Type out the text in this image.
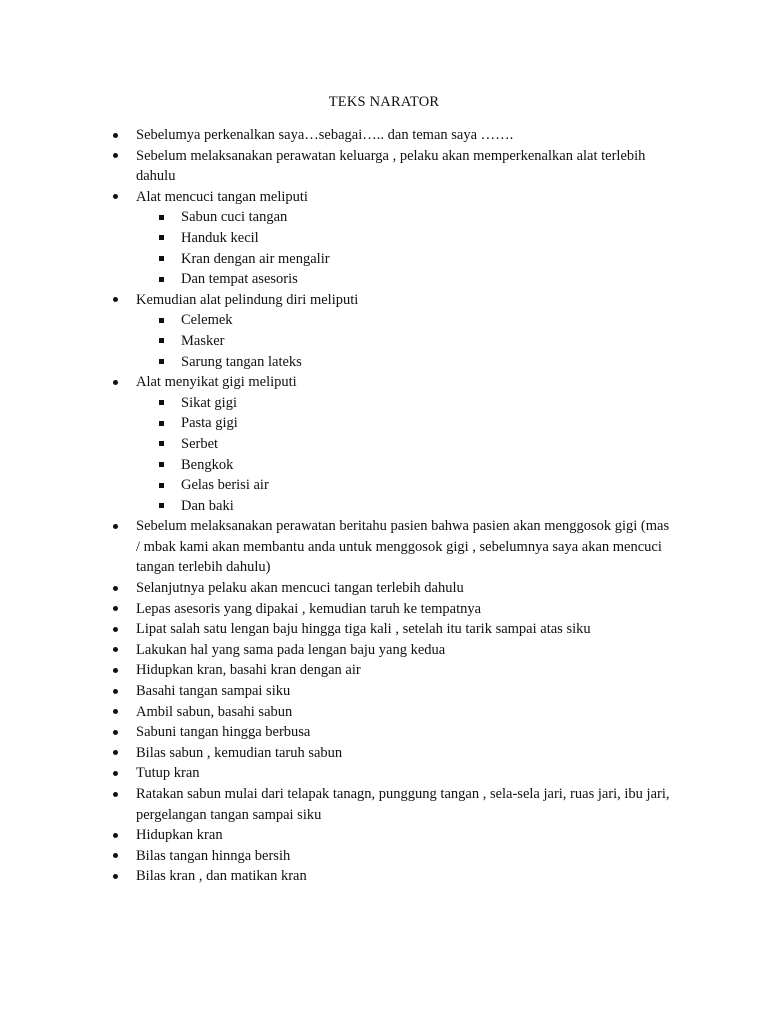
TEKS NARATOR
Sebelumya perkenalkan saya…sebagai….. dan teman saya …….
Sebelum melaksanakan perawatan keluarga , pelaku akan memperkenalkan alat terlebih dahulu
Alat mencuci tangan meliputi
Sabun cuci tangan
Handuk kecil
Kran dengan air mengalir
Dan tempat asesoris
Kemudian alat pelindung diri meliputi
Celemek
Masker
Sarung tangan lateks
Alat menyikat gigi meliputi
Sikat gigi
Pasta gigi
Serbet
Bengkok
Gelas berisi air
Dan baki
Sebelum melaksanakan perawatan beritahu pasien bahwa pasien akan menggosok gigi (mas / mbak kami akan membantu anda untuk menggosok gigi , sebelumnya saya akan mencuci tangan terlebih dahulu)
Selanjutnya pelaku akan mencuci tangan terlebih dahulu
Lepas asesoris yang dipakai , kemudian taruh ke tempatnya
Lipat salah satu lengan baju hingga tiga kali , setelah itu tarik sampai atas siku
Lakukan hal yang sama pada lengan baju yang kedua
Hidupkan kran, basahi kran dengan air
Basahi tangan sampai siku
Ambil sabun, basahi sabun
Sabuni tangan hingga berbusa
Bilas sabun , kemudian taruh sabun
Tutup kran
Ratakan sabun mulai dari telapak tanagn, punggung tangan , sela-sela jari, ruas jari, ibu jari, pergelangan tangan sampai siku
Hidupkan kran
Bilas tangan hinnga bersih
Bilas kran , dan matikan kran
